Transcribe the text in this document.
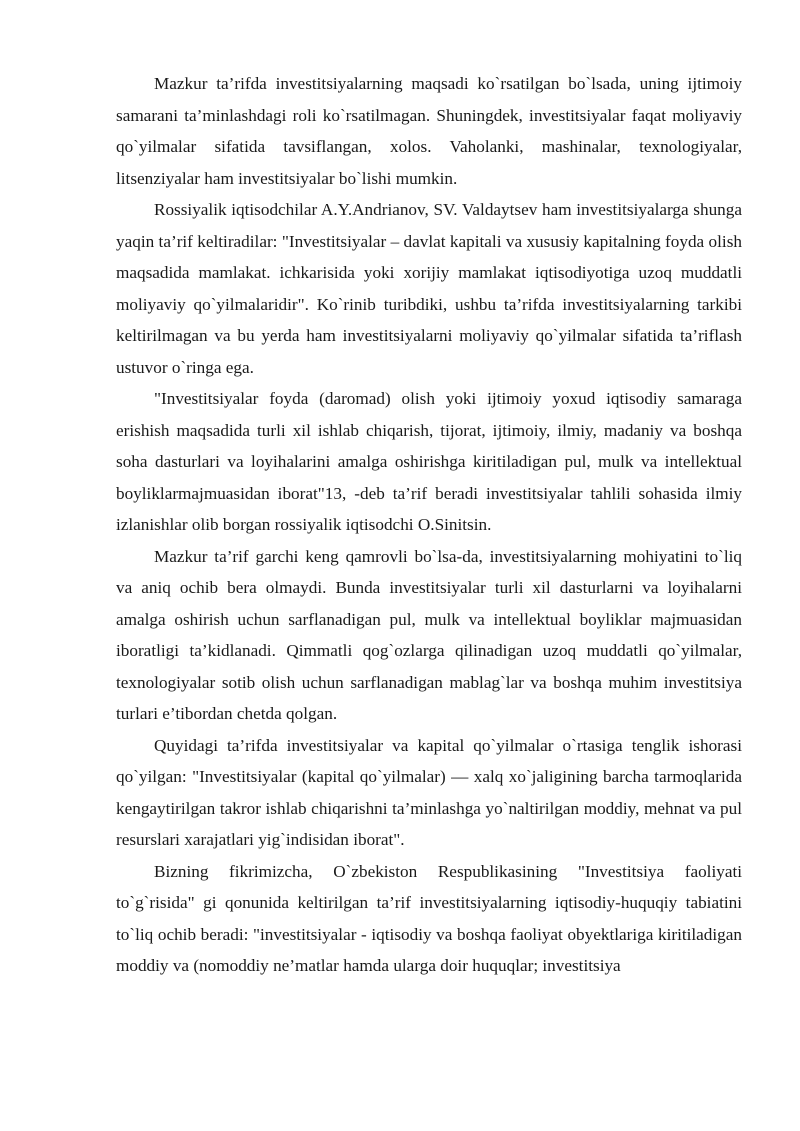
Mazkur ta’rifda investitsiyalarning maqsadi ko`rsatilgan bo`lsada, uning ijtimoiy samarani ta’minlashdagi roli ko`rsatilmagan. Shuningdek, investitsiyalar faqat moliyaviy qo`yilmalar sifatida tavsiflangan, xolos. Vaholanki, mashinalar, texnologiyalar, litsenziyalar ham investitsiyalar bo`lishi mumkin.

Rossiyalik iqtisodchilar A.Y.Andrianov, SV. Valdaytsev ham investitsiyalarga shunga yaqin ta’rif keltiradilar: "Investitsiyalar – davlat kapitali va xususiy kapitalning foyda olish maqsadida mamlakat. ichkarisida yoki xorijiy mamlakat iqtisodiyotiga uzoq muddatli moliyaviy qo`yilmalaridir". Ko`rinib turibdiki, ushbu ta’rifda investitsiyalarning tarkibi keltirilmagan va bu yerda ham investitsiyalarni moliyaviy qo`yilmalar sifatida ta’riflash ustuvor o`ringa ega.

"Investitsiyalar foyda (daromad) olish yoki ijtimoiy yoxud iqtisodiy samaraga erishish maqsadida turli xil ishlab chiqarish, tijorat, ijtimoiy, ilmiy, madaniy va boshqa soha dasturlari va loyihalarini amalga oshirishga kiritiladigan pul, mulk va intellektual boyliklarmajmuasidan iborat"13, -deb ta’rif beradi investitsiyalar tahlili sohasida ilmiy izlanishlar olib borgan rossiyalik iqtisodchi O.Sinitsin.

Mazkur ta’rif garchi keng qamrovli bo`lsa-da, investitsiyalarning mohiyatini to`liq va aniq ochib bera olmaydi. Bunda investitsiyalar turli xil dasturlarni va loyihalarni amalga oshirish uchun sarflanadigan pul, mulk va intellektual boyliklar majmuasidan iboratligi ta’kidlanadi. Qimmatli qog`ozlarga qilinadigan uzoq muddatli qo`yilmalar, texnologiyalar sotib olish uchun sarflanadigan mablag`lar va boshqa muhim investitsiya turlari e’tibordan chetda qolgan.

Quyidagi ta’rifda investitsiyalar va kapital qo`yilmalar o`rtasiga tenglik ishorasi qo`yilgan: "Investitsiyalar (kapital qo`yilmalar) — xalq xo`jaligining barcha tarmoqlarida kengaytirilgan takror ishlab chiqarishni ta’minlashga yo`naltirilgan moddiy, mehnat va pul resurslari xarajatlari yig`indisidan iborat".

Bizning fikrimizcha, O`zbekiston Respublikasining "Investitsiya faoliyati to`g`risida" gi qonunida keltirilgan ta’rif investitsiyalarning iqtisodiy-huquqiy tabiatini to`liq ochib beradi: "investitsiyalar - iqtisodiy va boshqa faoliyat obyektlariga kiritiladigan moddiy va (nomoddiy ne’matlar hamda ularga doir huquqlar; investitsiya
